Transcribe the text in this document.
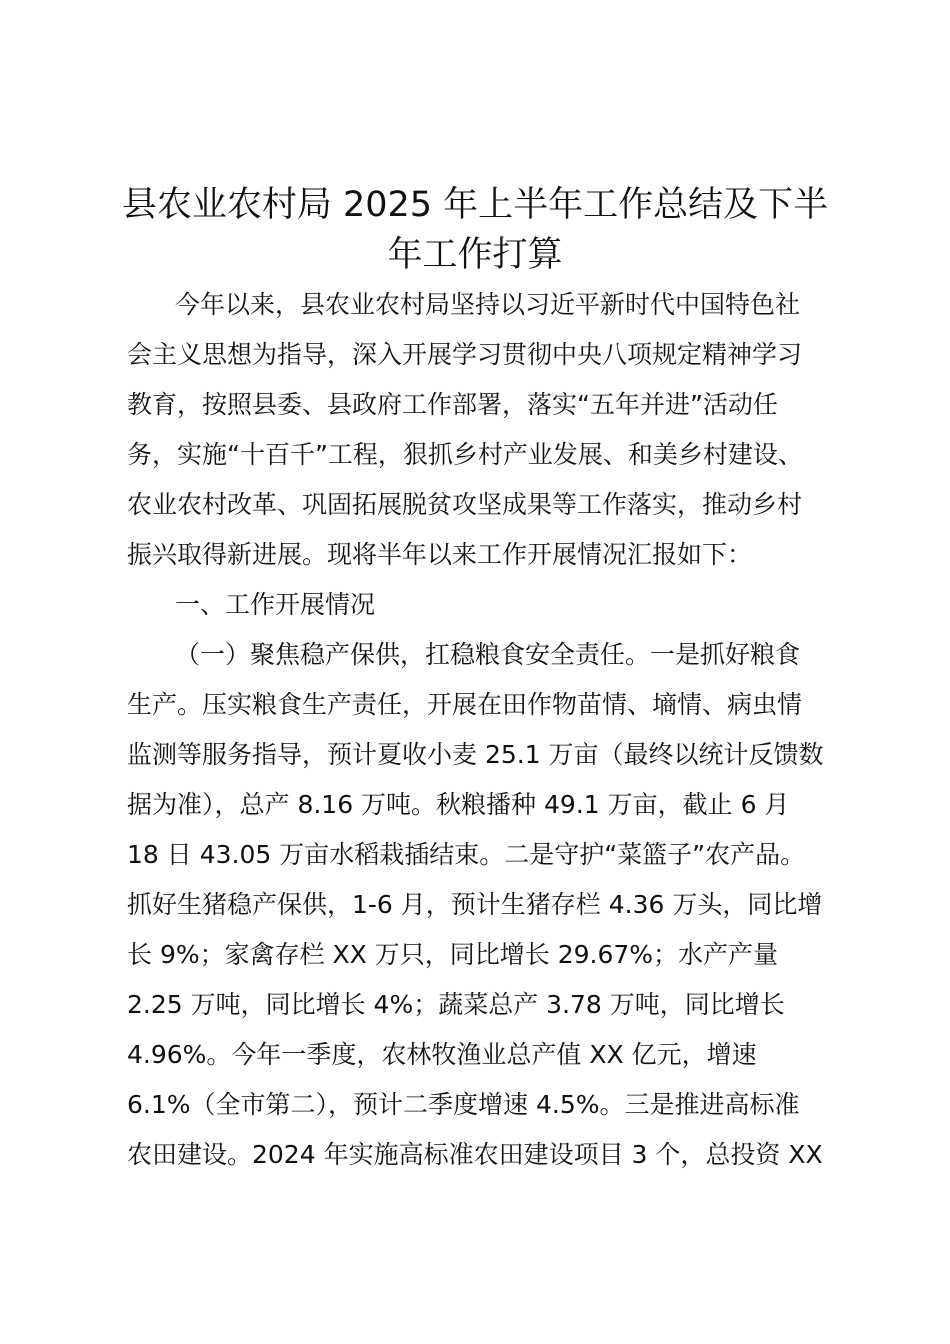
县农业农村局 2025 年上半年工作总结及下半
年工作打算

今年以来，县农业农村局坚持以习近平新时代中国特色社

会主义思想为指导，深入开展学习贯彻中央八项规定精神学习

教育，按照县委、县政府工作部署，落实“五年并进”活动任

务，实施“十百千”工程，狠抓乡村产业发展、和美乡村建设、

农业农村改革、巩固拓展脱贫攻坚成果等工作落实，推动乡村

振兴取得新进展。现将半年以来工作开展情况汇报如下：

一、工作开展情况

（一）聚焦稳产保供，扛稳粮食安全责任。一是抓好粮食

生产。压实粮食生产责任，开展在田作物苗情、墒情、病虫情

监测等服务指导，预计夏收小麦 25.1 万亩（最终以统计反馈数

据为准），总产 8.16 万吨。秋粮播种 49.1 万亩，截止 6 月

18 日 43.05 万亩水稻栽插结束。二是守护“菜篮子”农产品。

抓好生猪稳产保供，1-6 月，预计生猪存栏 4.36 万头，同比增

长 9%；家禽存栏 XX 万只，同比增长 29.67%；水产产量

2.25 万吨，同比增长 4%；蔬菜总产 3.78 万吨，同比增长

4.96%。今年一季度，农林牧渔业总产值 XX 亿元，增速

6.1%（全市第二），预计二季度增速 4.5%。三是推进高标准

农田建设。2024 年实施高标准农田建设项目 3 个，总投资 XX
